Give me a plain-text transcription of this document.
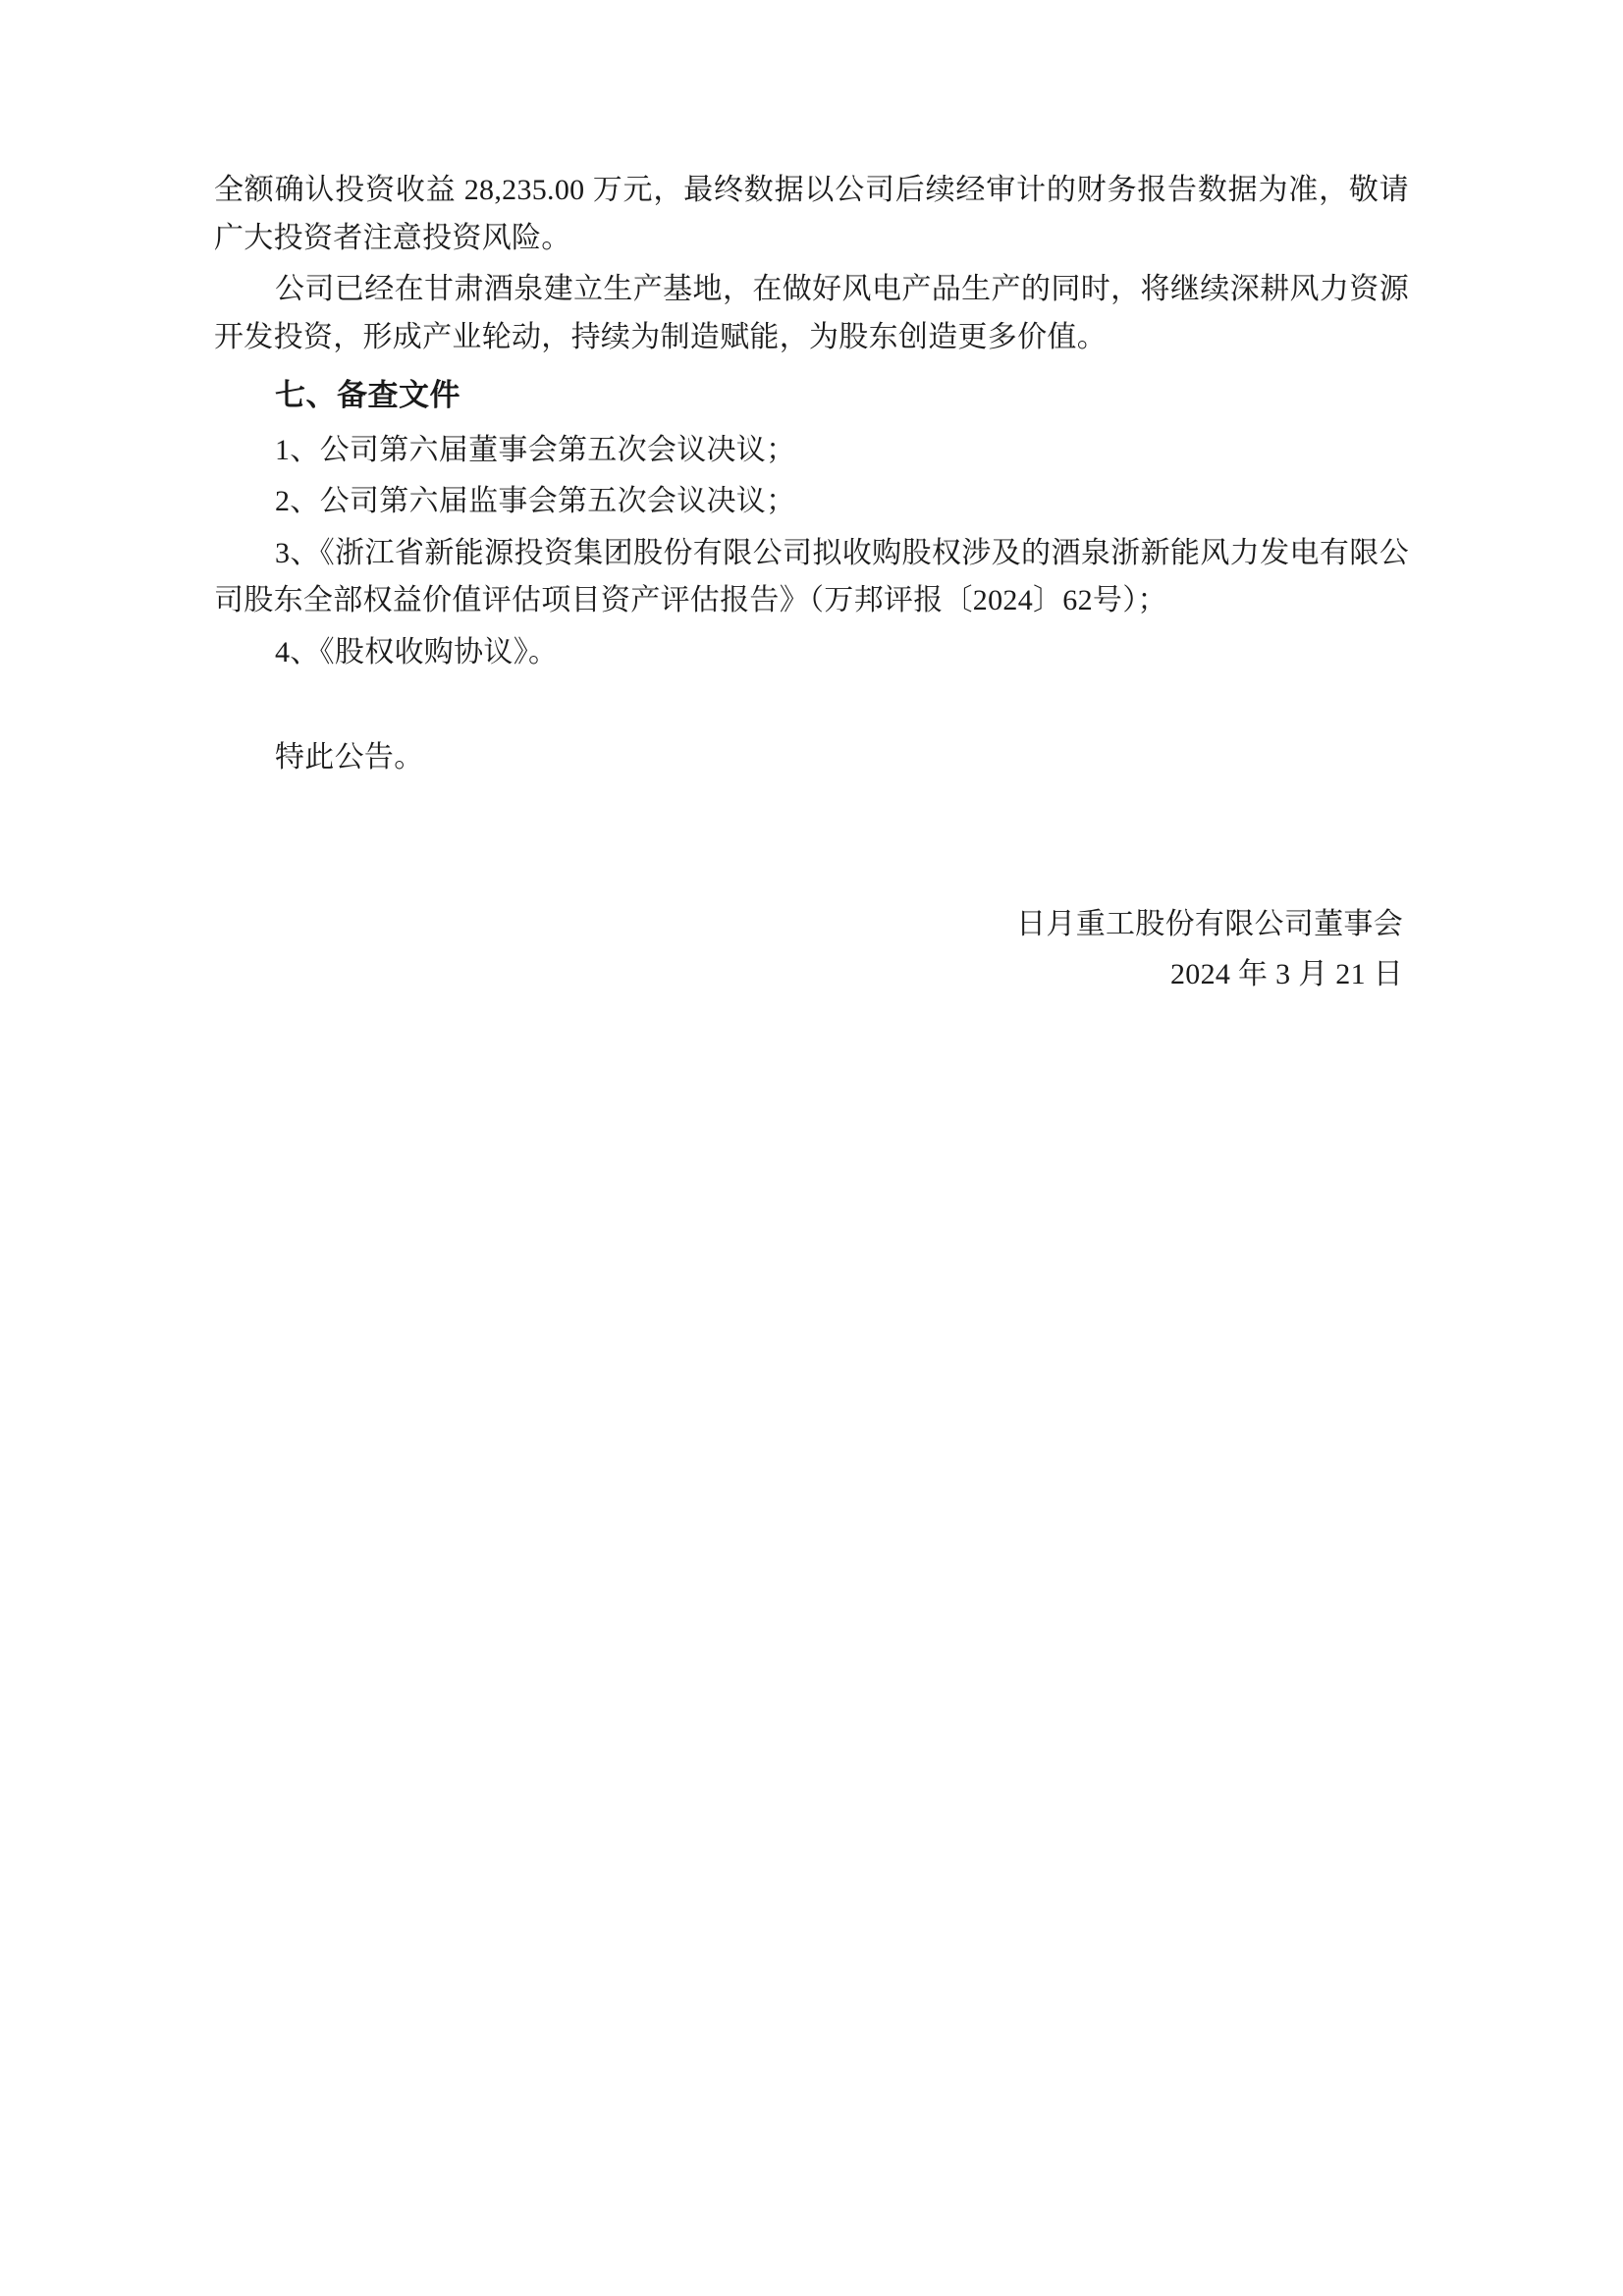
全额确认投资收益 28,235.00 万元，最终数据以公司后续经审计的财务报告数据为准，敬请广大投资者注意投资风险。

公司已经在甘肃酒泉建立生产基地，在做好风电产品生产的同时，将继续深耕风力资源开发投资，形成产业轮动，持续为制造赋能，为股东创造更多价值。

七、备查文件

1、公司第六届董事会第五次会议决议；

2、公司第六届监事会第五次会议决议；

3、《浙江省新能源投资集团股份有限公司拟收购股权涉及的酒泉浙新能风力发电有限公司股东全部权益价值评估项目资产评估报告》（万邦评报〔2024〕62号）；

4、《股权收购协议》。

特此公告。

日月重工股份有限公司董事会
2024 年 3 月 21 日
